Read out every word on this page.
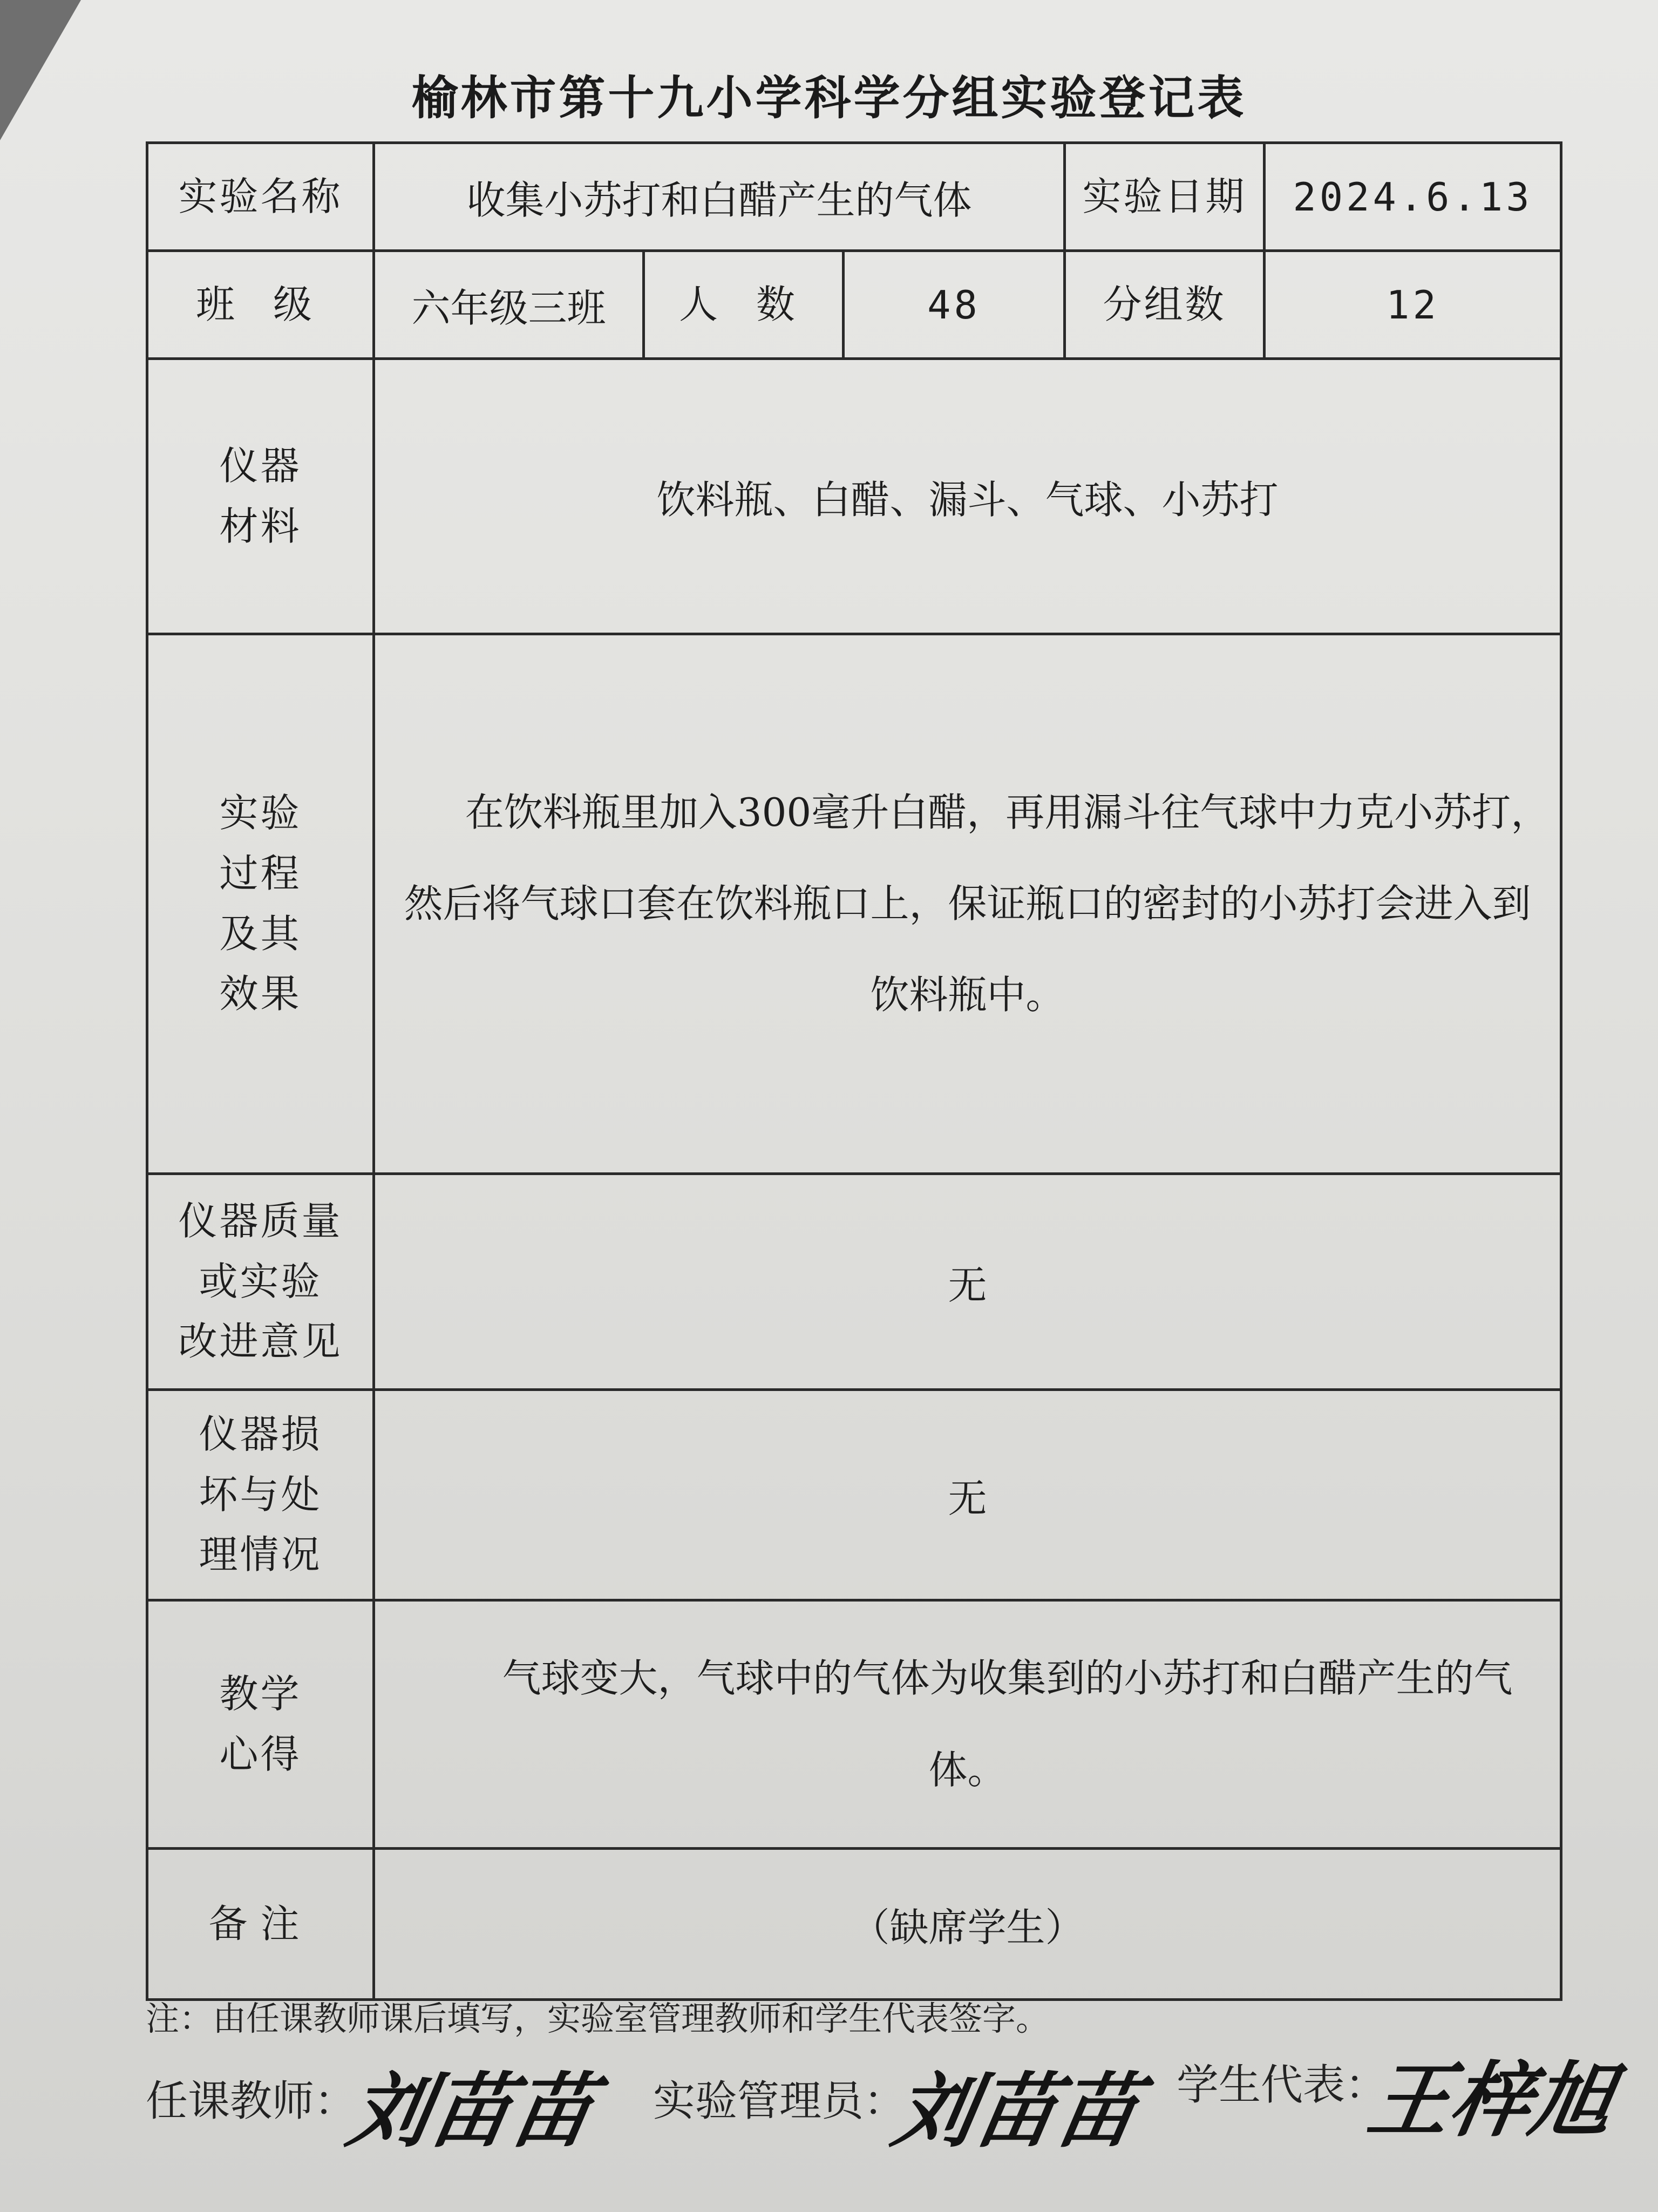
榆林市第十九小学科学分组实验登记表
实验名称	收集小苏打和白醋产生的气体			实验日期	2024.6.13
班 级	六年级三班	人 数	48	分组数	12

仪器
材料	饮料瓶、白醋、漏斗、气球、小苏打				

实验
过程
及其
效果	在饮料瓶里加入300毫升白醋，再用漏斗往气球中力克小苏打，然后将气球口套在饮料瓶口上，保证瓶口的密封的小苏打会进入到饮料瓶中。				

仪器质量
或实验
改进意见	无				

仪器损
坏与处
理情况	无				

教学
心得	气球变大，气球中的气体为收集到的小苏打和白醋产生的气体。				
备注	（缺席学生）				
注：由任课教师课后填写，实验室管理教师和学生代表签字。
任课教师：
刘苗苗 实验管理员：
刘苗苗 学生代表：
王梓旭
